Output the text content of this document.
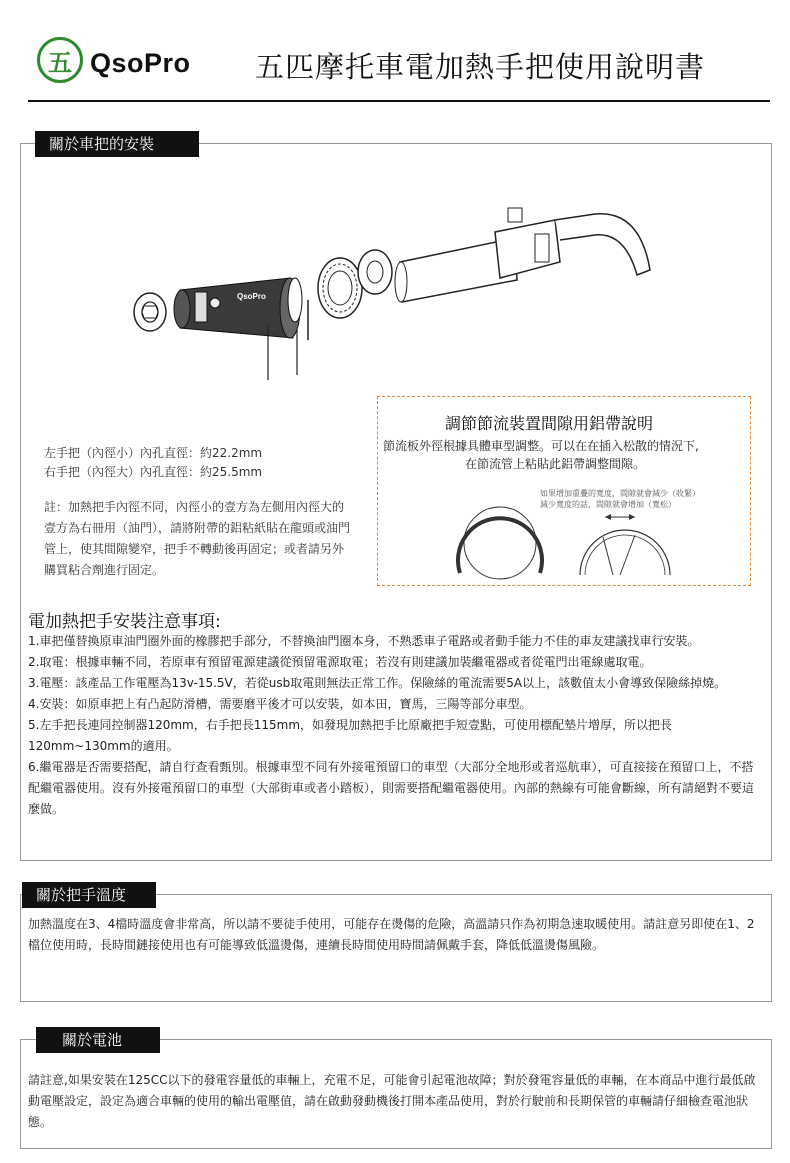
五 QsoPro 五匹摩托車電加熱手把使用說明書
關於車把的安裝
QsoPro
左手把（內徑小）內孔直徑：約22.2mm
右手把（內徑大）內孔直徑：約25.5mm
註：加熱把手內徑不同，內徑小的壹方為左側用內徑大的壹方為右冊用（油門），請將附帶的鋁粘紙貼在龍頭或油門管上，使其間隙變窄，把手不轉動後再固定；或者請另外購買粘合劑進行固定。
調節節流裝置間隙用鋁帶說明
節流板外徑根據具體車型調整。可以在在插入松散的情況下,
在節流管上粘貼此鋁帶調整間隙。
如果增加重疊的寬度，間隙就會減少（收緊）
減少寬度的話，間隙就會增加（寬松）
電加熱把手安裝注意事項:
1.車把僅替換原車油門圈外面的橡膠把手部分，不替換油門圈本身，不熟悉車子電路或者動手能力不佳的車友建議找車行安裝。
2.取電：根據車輛不同，若原車有預留電源建議從預留電源取電；若沒有則建議加裝繼電器或者從電門出電線處取電。
3.電壓：該產品工作電壓為13v-15.5V，若從usb取電則無法正常工作。保險絲的電流需要5A以上，該數值太小會導致保險絲掉燒。
4.安裝：如原車把上有凸起防滑槽，需要磨平後才可以安裝，如本田，寶馬，三陽等部分車型。
5.左手把長連同控制器120mm，右手把長115mm，如發現加熱把手比原廠把手短壹點，可使用標配墊片增厚，所以把長120mm~130mm的適用。
6.繼電器是否需要搭配，請自行查看甄別。根據車型不同有外接電預留口的車型（大部分全地形或者巡航車），可直接接在預留口上，不搭配繼電器使用。沒有外接電預留口的車型（大部街車或者小踏板），則需要搭配繼電器使用。內部的熱線有可能會斷線，所有請絕對不要這麼做。
關於把手溫度
加熱溫度在3、4檔時溫度會非常高，所以請不要徒手使用，可能存在燙傷的危險，高溫請只作為初期急速取暖使用。請註意另即使在1、2檔位使用時，長時間鏈接使用也有可能導致低溫燙傷，連續長時間使用時間請佩戴手套，降低低溫燙傷風險。
關於電池
請註意,如果安裝在125CC以下的發電容量低的車輛上，充電不足，可能會引起電池故障；對於發電容量低的車輛，在本商品中進行最低啟動電壓設定，設定為適合車輛的使用的輸出電壓值，請在啟動發動機後打開本產品使用，對於行駛前和長期保管的車輛請仔細檢查電池狀態。
